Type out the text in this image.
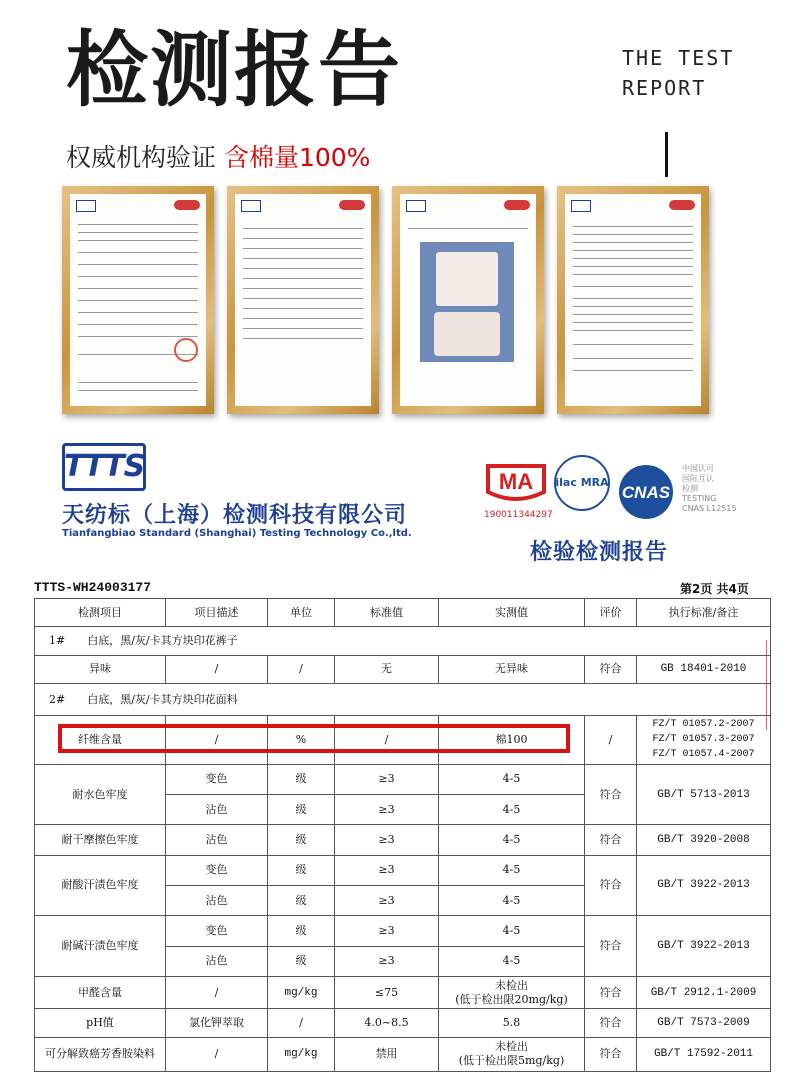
检测报告	THE TEST
REPORT
权威机构验证 含棉量100%
TTTS
天纺标（上海）检测科技有限公司
Tianfangbiao Standard (Shanghai) Testing Technology Co.,ltd.
MA
190011344297
ilac MRA
CNAS
中国认可
国际互认
检测
TESTING
CNAS L12515
检验检测报告
TTTS-WH24003177	第2页 共4页
检测项目	项目描述	单位	标准值	实测值	评价	执行标准/备注
1#　　白底，黑/灰/卡其方块印花裤子						
异味	/	/	无	无异味	符合	GB 18401-2010
2#　　白底，黑/灰/卡其方块印花面料						
纤维含量	/	%	/	棉100	/	FZ/T 01057.2-2007
FZ/T 01057.3-2007
FZ/T 01057.4-2007

耐水色牢度	变色	级	≥3	4-5	符合	GB/T 5713-2013
	沾色	级	≥3	4-5		
耐干摩擦色牢度	沾色	级	≥3	4-5	符合	GB/T 3920-2008
耐酸汗渍色牢度	变色	级	≥3	4-5	符合	GB/T 3922-2013
	沾色	级	≥3	4-5		
耐碱汗渍色牢度	变色	级	≥3	4-5	符合	GB/T 3922-2013
	沾色	级	≥3	4-5		
甲醛含量	/	mg/kg	≤75	未检出
(低于检出限20mg/kg)	符合	GB/T 2912.1-2009
pH值	氯化钾萃取	/	4.0~8.5	5.8	符合	GB/T 7573-2009
可分解致癌芳香胺染料	/	mg/kg	禁用	未检出
(低于检出限5mg/kg)	符合	GB/T 17592-2011
